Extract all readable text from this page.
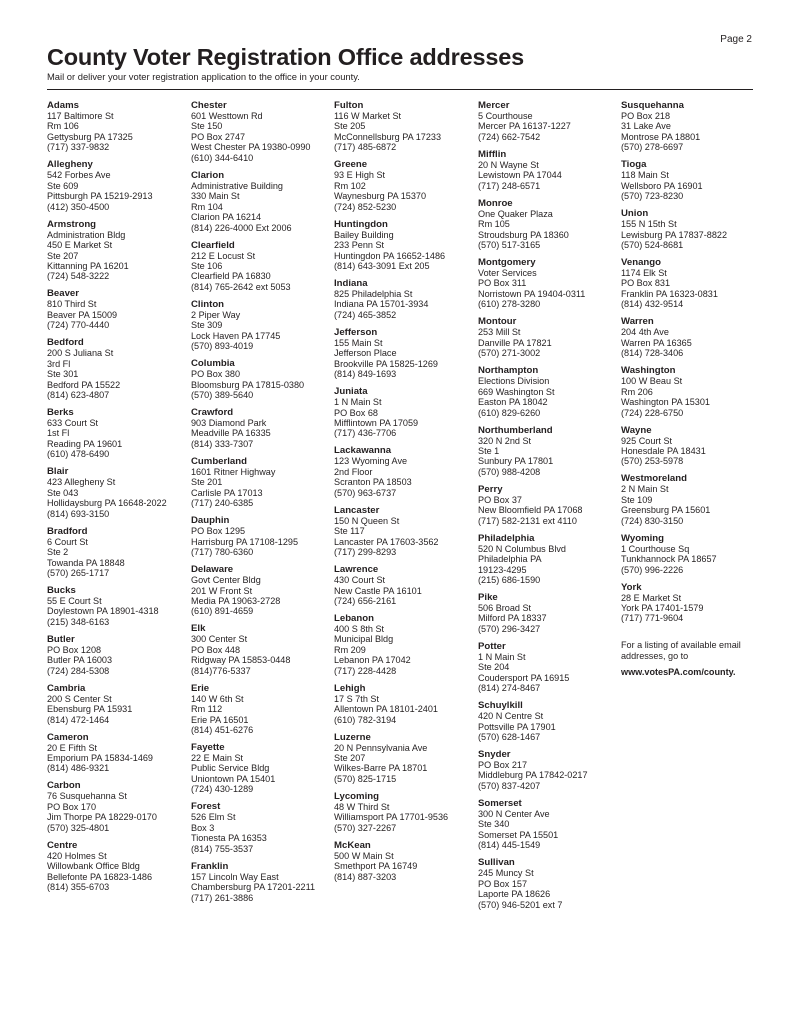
Page 2
County Voter Registration Office addresses
Mail or deliver your voter registration application to the office in your county.
Adams
117 Baltimore St
Rm 106
Gettysburg PA 17325
(717) 337-9832
Allegheny
542 Forbes Ave
Ste 609
Pittsburgh PA 15219-2913
(412) 350-4500
Armstrong
Administration Bldg
450 E Market St
Ste 207
Kittanning PA 16201
(724) 548-3222
Beaver
810 Third St
Beaver PA 15009
(724) 770-4440
Bedford
200 S Juliana St
3rd Fl
Ste 301
Bedford PA 15522
(814) 623-4807
Berks
633 Court St
1st Fl
Reading PA 19601
(610) 478-6490
Blair
423 Allegheny St
Ste 043
Hollidaysburg PA 16648-2022
(814) 693-3150
Bradford
6 Court St
Ste 2
Towanda PA 18848
(570) 265-1717
Bucks
55 E Court St
Doylestown PA 18901-4318
(215) 348-6163
Butler
PO Box 1208
Butler PA 16003
(724) 284-5308
Cambria
200 S Center St
Ebensburg PA 15931
(814) 472-1464
Cameron
20 E Fifth St
Emporium PA 15834-1469
(814) 486-9321
Carbon
76 Susquehanna St
PO Box 170
Jim Thorpe PA 18229-0170
(570) 325-4801
Centre
420 Holmes St
Willowbank Office Bldg
Bellefonte PA 16823-1486
(814) 355-6703
Chester
601 Westtown Rd
Ste 150
PO Box 2747
West Chester PA 19380-0990
(610) 344-6410
Clarion
Administrative Building
330 Main St
Rm 104
Clarion PA 16214
(814) 226-4000 Ext 2006
Clearfield
212 E Locust St
Ste 106
Clearfield PA 16830
(814) 765-2642 ext 5053
Clinton
2 Piper Way
Ste 309
Lock Haven PA 17745
(570) 893-4019
Columbia
PO Box 380
Bloomsburg PA 17815-0380
(570) 389-5640
Crawford
903 Diamond Park
Meadville PA 16335
(814) 333-7307
Cumberland
1601 Ritner Highway
Ste 201
Carlisle PA 17013
(717) 240-6385
Dauphin
PO Box 1295
Harrisburg PA 17108-1295
(717) 780-6360
Delaware
Govt Center Bldg
201 W Front St
Media PA 19063-2728
(610) 891-4659
Elk
300 Center St
PO Box 448
Ridgway PA 15853-0448
(814)776-5337
Erie
140 W 6th St
Rm 112
Erie PA 16501
(814) 451-6276
Fayette
22 E Main St
Public Service Bldg
Uniontown PA 15401
(724) 430-1289
Forest
526 Elm St
Box 3
Tionesta PA 16353
(814) 755-3537
Franklin
157 Lincoln Way East
Chambersburg PA 17201-2211
(717) 261-3886
Fulton
116 W Market St
Ste 205
McConnellsburg PA 17233
(717) 485-6872
Greene
93 E High St
Rm 102
Waynesburg PA 15370
(724) 852-5230
Huntingdon
Bailey Building
233 Penn St
Huntingdon PA 16652-1486
(814) 643-3091 Ext 205
Indiana
825 Philadelphia St
Indiana PA 15701-3934
(724) 465-3852
Jefferson
155 Main St
Jefferson Place
Brookville PA 15825-1269
(814) 849-1693
Juniata
1 N Main St
PO Box 68
Mifflintown PA 17059
(717) 436-7706
Lackawanna
123 Wyoming Ave
2nd Floor
Scranton PA 18503
(570) 963-6737
Lancaster
150 N Queen St
Ste 117
Lancaster PA 17603-3562
(717) 299-8293
Lawrence
430 Court St
New Castle PA 16101
(724) 656-2161
Lebanon
400 S 8th St
Municipal Bldg
Rm 209
Lebanon PA 17042
(717) 228-4428
Lehigh
17 S 7th St
Allentown PA 18101-2401
(610) 782-3194
Luzerne
20 N Pennsylvania Ave
Ste 207
Wilkes-Barre PA 18701
(570) 825-1715
Lycoming
48 W Third St
Williamsport PA 17701-9536
(570) 327-2267
McKean
500 W Main St
Smethport PA 16749
(814) 887-3203
Mercer
5 Courthouse
Mercer PA 16137-1227
(724) 662-7542
Mifflin
20 N Wayne St
Lewistown PA 17044
(717) 248-6571
Monroe
One Quaker Plaza
Rm 105
Stroudsburg PA 18360
(570) 517-3165
Montgomery
Voter Services
PO Box 311
Norristown PA 19404-0311
(610) 278-3280
Montour
253 Mill St
Danville PA 17821
(570) 271-3002
Northampton
Elections Division
669 Washington St
Easton PA 18042
(610) 829-6260
Northumberland
320 N 2nd St
Ste 1
Sunbury PA 17801
(570) 988-4208
Perry
PO Box 37
New Bloomfield PA 17068
(717) 582-2131 ext 4110
Philadelphia
520 N Columbus Blvd
Philadelphia PA
19123-4295
(215) 686-1590
Pike
506 Broad St
Milford PA 18337
(570) 296-3427
Potter
1 N Main St
Ste 204
Coudersport PA 16915
(814) 274-8467
Schuylkill
420 N Centre St
Pottsville PA 17901
(570) 628-1467
Snyder
PO Box 217
Middleburg PA 17842-0217
(570) 837-4207
Somerset
300 N Center Ave
Ste 340
Somerset PA 15501
(814) 445-1549
Sullivan
245 Muncy St
PO Box 157
Laporte PA 18626
(570) 946-5201 ext 7
Susquehanna
PO Box 218
31 Lake Ave
Montrose PA 18801
(570) 278-6697
Tioga
118 Main St
Wellsboro PA 16901
(570) 723-8230
Union
155 N 15th St
Lewisburg PA 17837-8822
(570) 524-8681
Venango
1174 Elk St
PO Box 831
Franklin PA 16323-0831
(814) 432-9514
Warren
204 4th Ave
Warren PA 16365
(814) 728-3406
Washington
100 W Beau St
Rm 206
Washington PA 15301
(724) 228-6750
Wayne
925 Court St
Honesdale PA 18431
(570) 253-5978
Westmoreland
2 N Main St
Ste 109
Greensburg PA 15601
(724) 830-3150
Wyoming
1 Courthouse Sq
Tunkhannock PA 18657
(570) 996-2226
York
28 E Market St
York PA 17401-1579
(717) 771-9604
For a listing of available email addresses, go to
www.votesPA.com/county.
